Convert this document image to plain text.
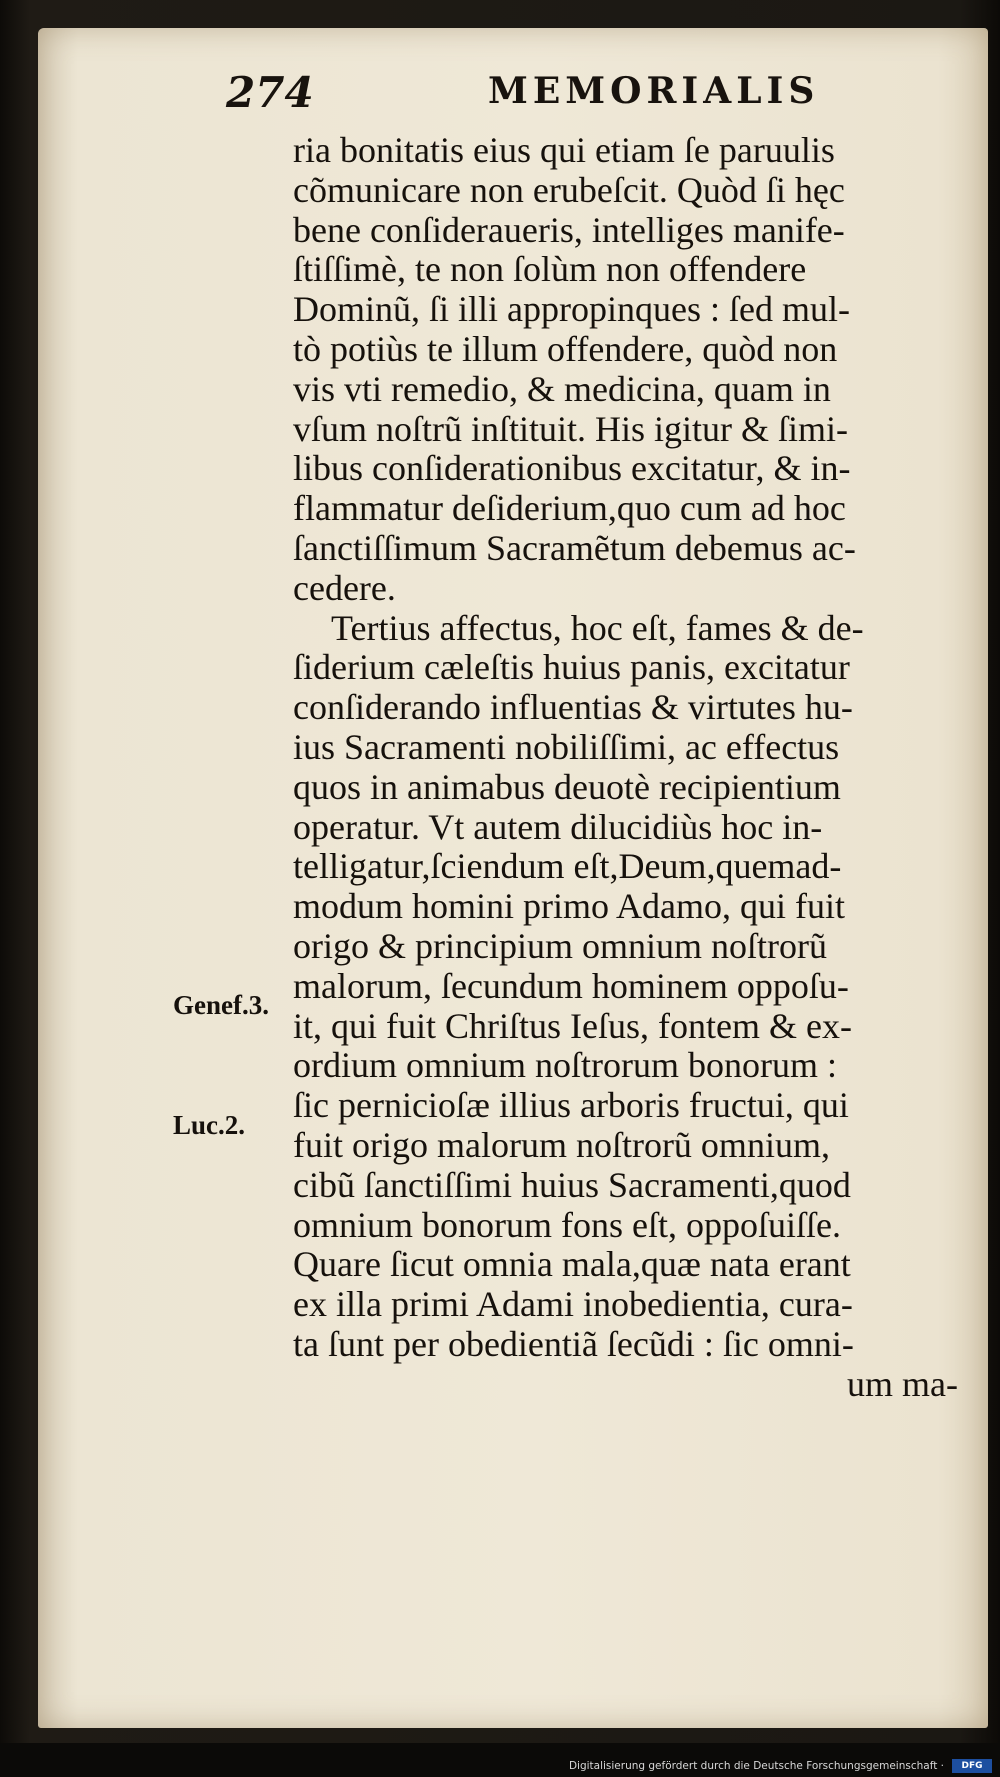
274	MEMORIALIS
Genef.3.
Luc.2.
ria bonitatis eius qui etiam ſe paruulis
cõmunicare non erubeſcit. Quòd ſi hęc
bene conſideraueris, intelliges manife-
ſtiſſimè, te non ſolùm non offendere
Dominũ, ſi illi appropinques : ſed mul-
tò potiùs te illum offendere, quòd non
vis vti remedio, & medicina, quam in
vſum noſtrũ inſtituit. His igitur & ſimi-
libus conſiderationibus excitatur, & in-
flammatur deſiderium,quo cum ad hoc
ſanctiſſimum Sacramẽtum debemus ac-
cedere.
Tertius affectus, hoc eſt, fames & de-
ſiderium cæleſtis huius panis, excitatur
conſiderando influentias & virtutes hu-
ius Sacramenti nobiliſſimi, ac effectus
quos in animabus deuotè recipientium
operatur. Vt autem dilucidiùs hoc in-
telligatur,ſciendum eſt,Deum,quemad-
modum homini primo Adamo, qui fuit
origo & principium omnium noſtrorũ
malorum, ſecundum hominem oppoſu-
it, qui fuit Chriſtus Ieſus, fontem & ex-
ordium omnium noſtrorum bonorum :
ſic pernicioſæ illius arboris fructui, qui
fuit origo malorum noſtrorũ omnium,
cibũ ſanctiſſimi huius Sacramenti,quod
omnium bonorum fons eſt, oppoſuiſſe.
Quare ſicut omnia mala,quæ nata erant
ex illa primi Adami inobedientia, cura-
ta ſunt per obedientiã ſecũdi : ſic omni-
um ma-
Digitalisierung gefördert durch die Deutsche Forschungsgemeinschaft ·	DFG
